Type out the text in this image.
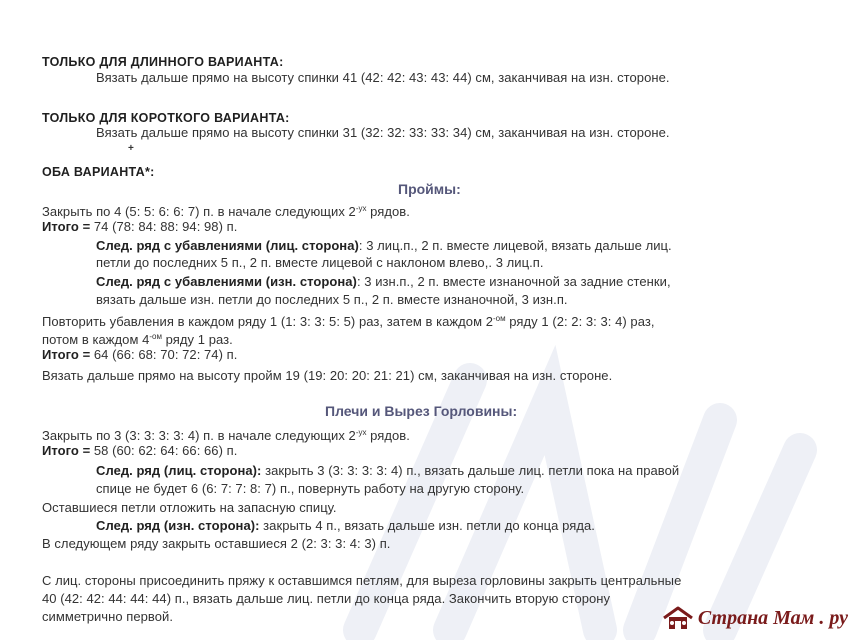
ТОЛЬКО ДЛЯ ДЛИННОГО ВАРИАНТА:
Вязать дальше прямо на высоту спинки 41 (42: 42: 43: 43: 44) см, заканчивая на изн. стороне.
ТОЛЬКО ДЛЯ КОРОТКОГО ВАРИАНТА:
Вязать дальше прямо на высоту спинки 31 (32: 32: 33: 33: 34) см, заканчивая на изн. стороне.
+
ОБА ВАРИАНТА*:
Проймы:
Закрыть по 4 (5: 5: 6: 6: 7) п. в начале следующих $2^{-ух}$ рядов.
Итого = 74 (78: 84: 88: 94: 98) п.
След. ряд с убавлениями (лиц. сторона): 3 лиц.п., 2 п. вместе лицевой, вязать дальше лиц.
петли до последних 5 п., 2 п. вместе лицевой с наклоном влево,. 3 лиц.п.
След. ряд с убавлениями (изн. сторона): 3 изн.п., 2 п. вместе изнаночной за задние стенки,
вязать дальше изн. петли до последних 5 п., 2 п. вместе изнаночной, 3 изн.п.
Повторить убавления в каждом ряду 1 (1: 3: 3: 5: 5) раз, затем в каждом $2^{-ом}$ ряду 1 (2: 2: 3: 3: 4) раз,
потом в каждом $4^{-ом}$ ряду 1 раз.
Итого = 64 (66: 68: 70: 72: 74) п.
Вязать дальше прямо на высоту пройм 19 (19: 20: 20: 21: 21) см, заканчивая на изн. стороне.
Плечи и Вырез Горловины:
Закрыть по 3 (3: 3: 3: 3: 4) п. в начале следующих $2^{-ух}$ рядов.
Итого = 58 (60: 62: 64: 66: 66) п.
След. ряд (лиц. сторона): закрыть 3 (3: 3: 3: 3: 4) п., вязать дальше лиц. петли пока на правой
спице не будет 6 (6: 7: 7: 8: 7) п., повернуть работу на другую сторону.
Оставшиеся петли отложить на запасную спицу.
След. ряд (изн. сторона): закрыть 4 п., вязать дальше изн. петли до конца ряда.
В следующем ряду закрыть оставшиеся 2 (2: 3: 3: 4: 3) п.
С лиц. стороны присоединить пряжу к оставшимся петлям, для выреза горловины закрыть центральные
40 (42: 42: 44: 44: 44) п., вязать дальше лиц. петли до конца ряда. Закончить вторую сторону
симметрично первой.	Страна Мам . ру
